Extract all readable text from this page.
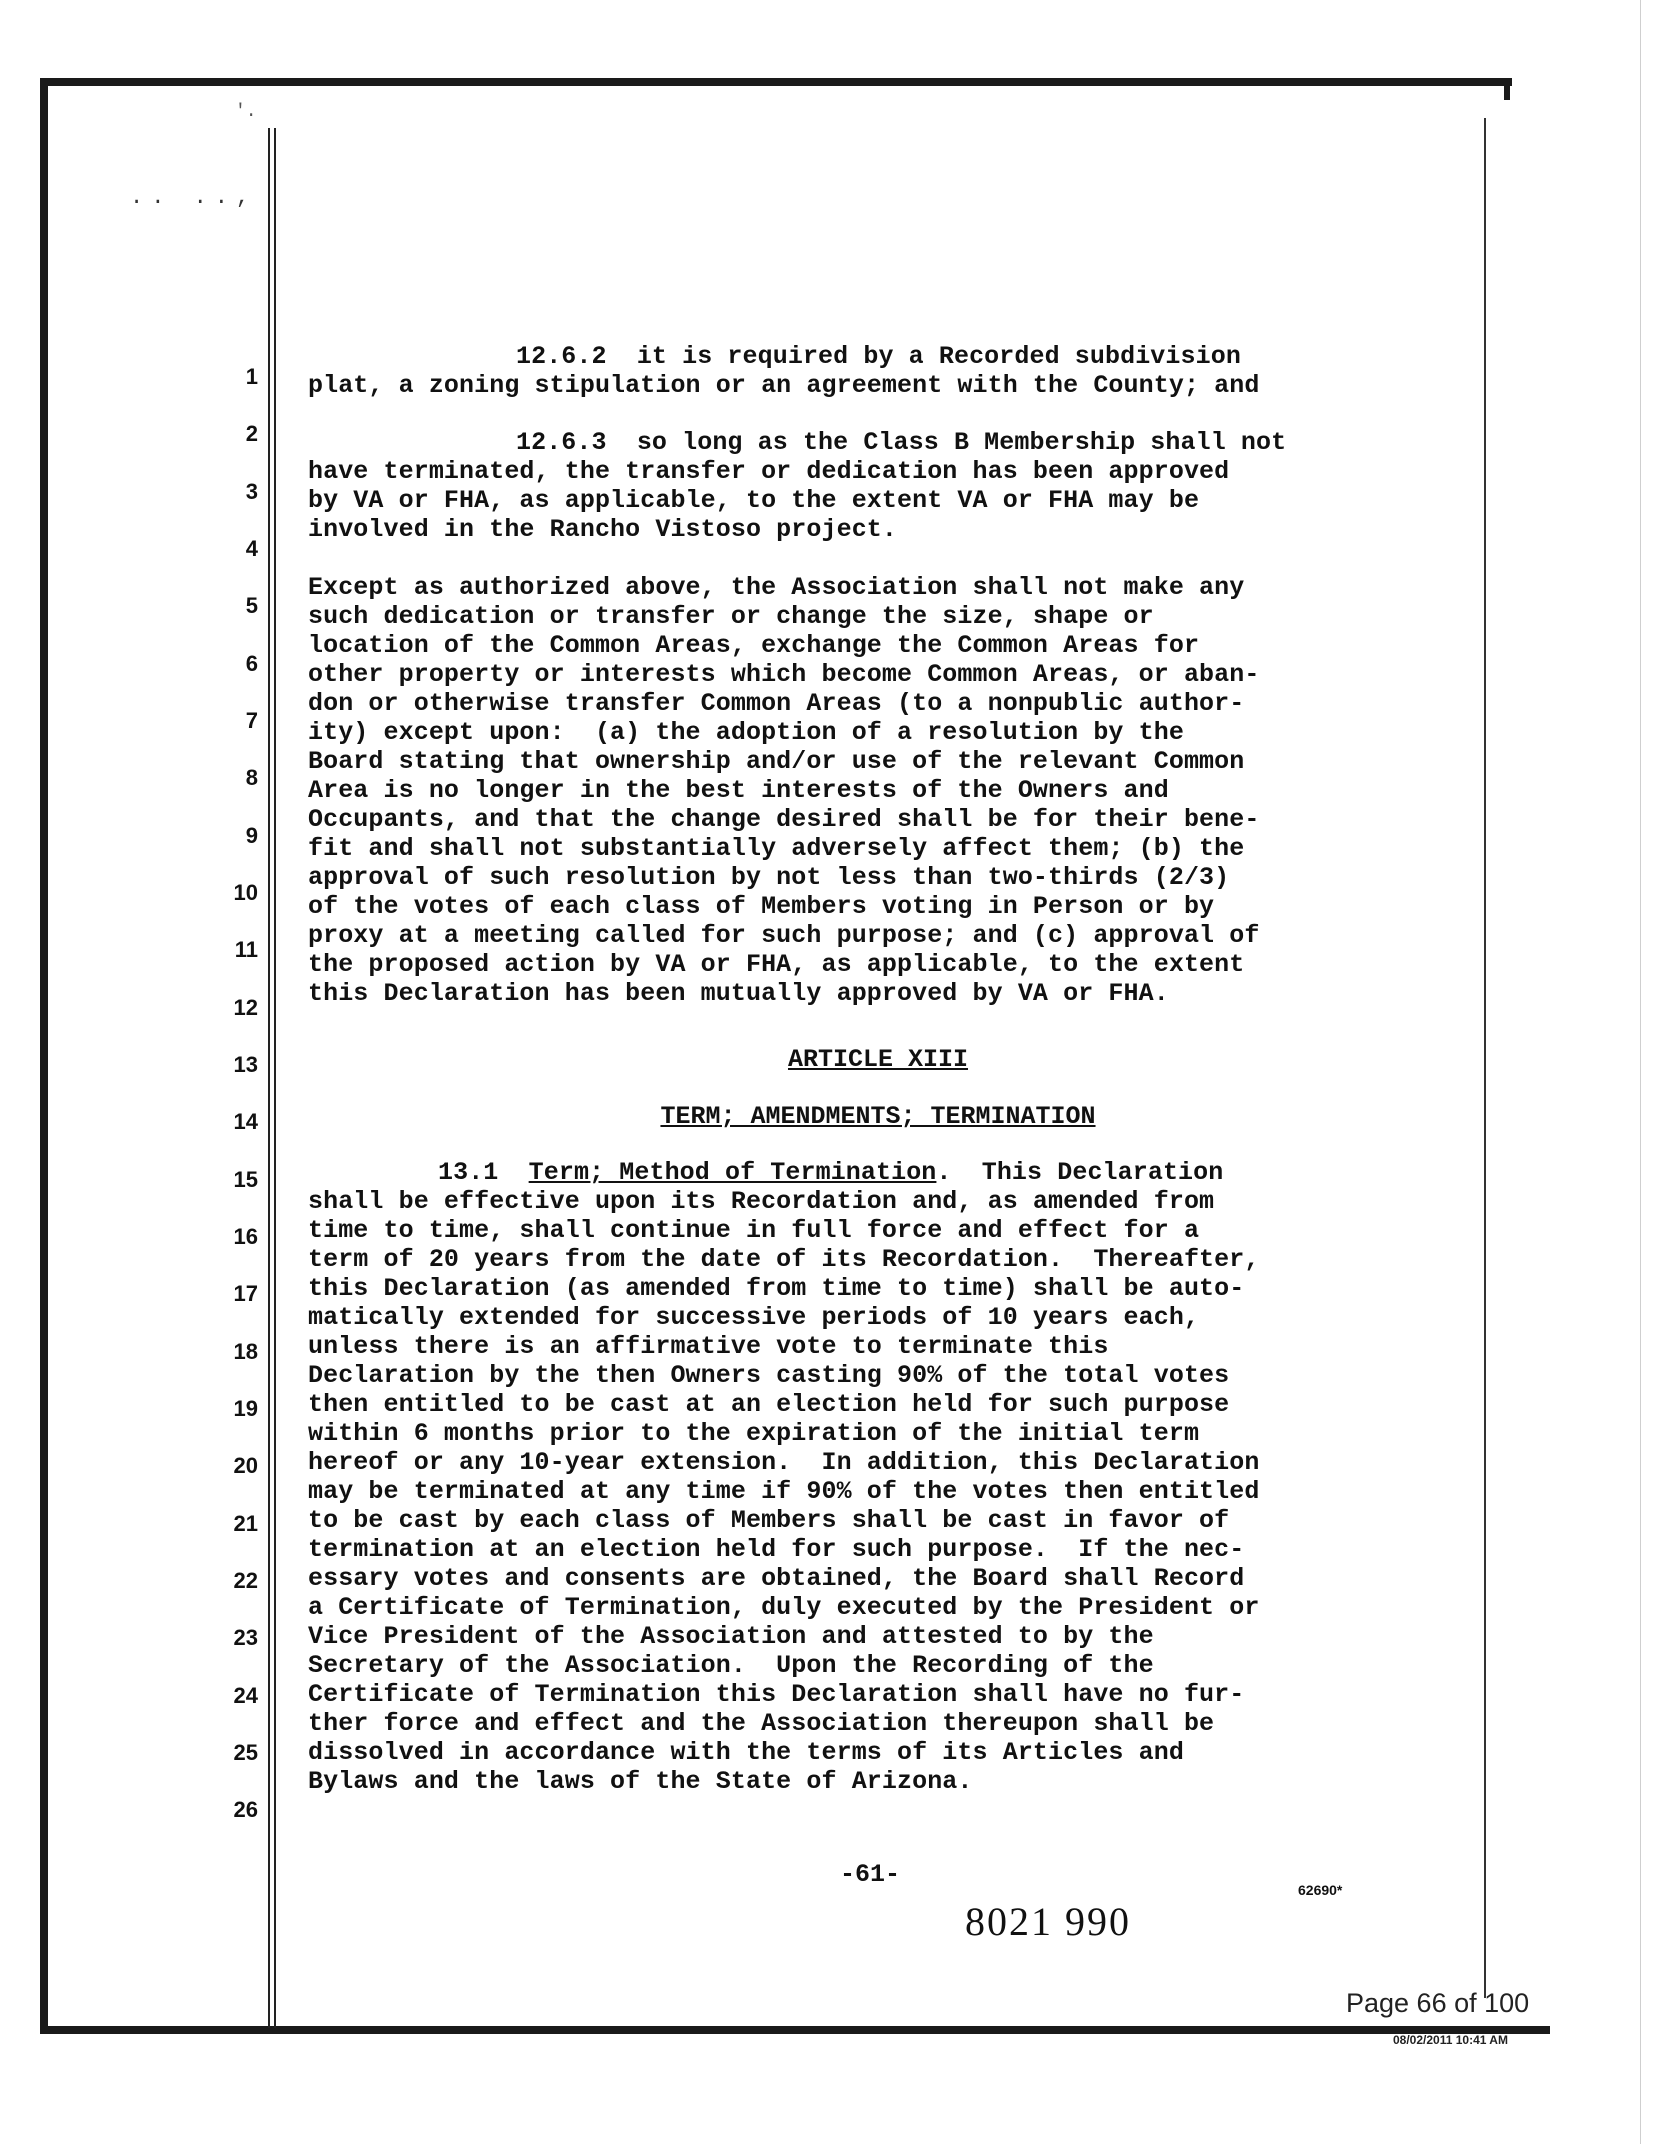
.. ..,
'.
1
2
3
4
5
6
7
8
9
10
11
12
13
14
15
16
17
18
19
20
21
22
23
24
25
26

12.6.2  it is required by a Recorded subdivision

plat, a zoning stipulation or an agreement with the County; and

12.6.3  so long as the Class B Membership shall not

have terminated, the transfer or dedication has been approved

by VA or FHA, as applicable, to the extent VA or FHA may be

involved in the Rancho Vistoso project.

Except as authorized above, the Association shall not make any

such dedication or transfer or change the size, shape or

location of the Common Areas, exchange the Common Areas for

other property or interests which become Common Areas, or aban-

don or otherwise transfer Common Areas (to a nonpublic author-

ity) except upon:  (a) the adoption of a resolution by the

Board stating that ownership and/or use of the relevant Common

Area is no longer in the best interests of the Owners and

Occupants, and that the change desired shall be for their bene-

fit and shall not substantially adversely affect them; (b) the

approval of such resolution by not less than two-thirds (2/3)

of the votes of each class of Members voting in Person or by

proxy at a meeting called for such purpose; and (c) approval of

the proposed action by VA or FHA, as applicable, to the extent

this Declaration has been mutually approved by VA or FHA.

ARTICLE XIII
TERM; AMENDMENTS; TERMINATION

13.1 Term; Method of Termination.  This Declaration

shall be effective upon its Recordation and, as amended from

time to time, shall continue in full force and effect for a

term of 20 years from the date of its Recordation.  Thereafter,

this Declaration (as amended from time to time) shall be auto-

matically extended for successive periods of 10 years each,

unless there is an affirmative vote to terminate this

Declaration by the then Owners casting 90% of the total votes

then entitled to be cast at an election held for such purpose

within 6 months prior to the expiration of the initial term

hereof or any 10-year extension.  In addition, this Declaration

may be terminated at any time if 90% of the votes then entitled

to be cast by each class of Members shall be cast in favor of

termination at an election held for such purpose.  If the nec-

essary votes and consents are obtained, the Board shall Record

a Certificate of Termination, duly executed by the President or

Vice President of the Association and attested to by the

Secretary of the Association.  Upon the Recording of the

Certificate of Termination this Declaration shall have no fur-

ther force and effect and the Association thereupon shall be

dissolved in accordance with the terms of its Articles and

Bylaws and the laws of the State of Arizona.

-61-
8021 990
62690*
Page 66 of 100
08/02/2011 10:41 AM
